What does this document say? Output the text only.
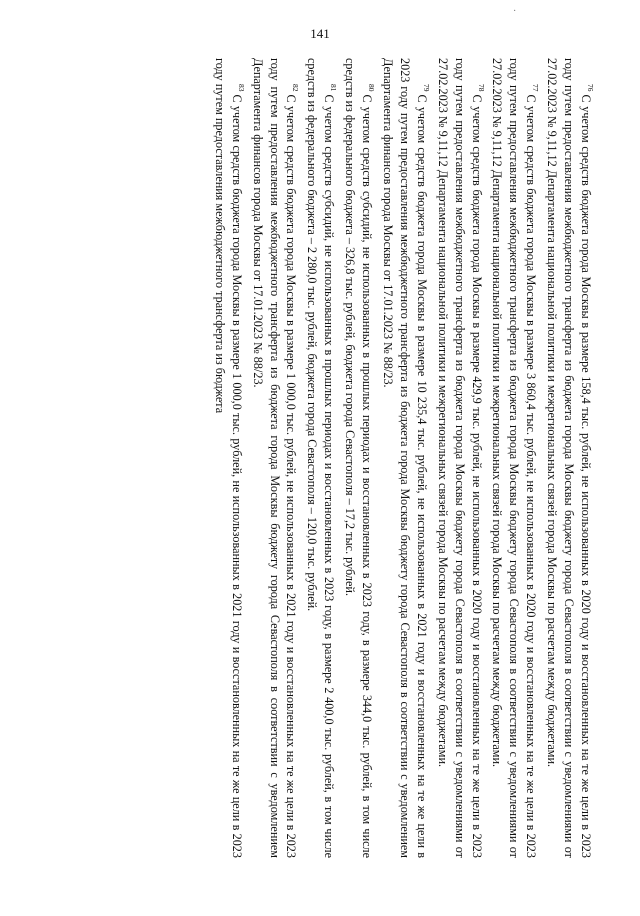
141
·
$^{76}$С учетом средств бюджета города Москвы в размере 158,4 тыс. рублей, не использованных в 2020 году и восстановленных на те же цели в 2023 году путем предоставления межбюджетного трансферта из бюджета города Москвы бюджету города Севастополя в соответствии с уведомлениями от 27.02.2023 № 9,11,12 Департамента национальной политики и межрегиональных связей города Москвы по расчетам между бюджетами.
$^{77}$С учетом средств бюджета города Москвы в размере 3 860,4 тыс. рублей, не использованных в 2020 году и восстановленных на те же цели в 2023 году путем предоставления межбюджетного трансферта из бюджета города Москвы бюджету города Севастополя в соответствии с уведомлениями от 27.02.2023 № 9,11,12 Департамента национальной политики и межрегиональных связей города Москвы по расчетам между бюджетами.
$^{78}$С учетом средств бюджета города Москвы в размере 429,9 тыс. рублей, не использованных в 2020 году и восстановленных на те же цели в 2023 году путем предоставления межбюджетного трансферта из бюджета города Москвы бюджету города Севастополя в соответствии с уведомлениями от 27.02.2023 № 9,11,12 Департамента национальной политики и межрегиональных связей города Москвы по расчетам между бюджетами.
$^{79}$С учетом средств бюджета города Москвы в размере 10 235,4 тыс. рублей, не использованных в 2021 году и восстановленных на те же цели в 2023 году путем предоставления межбюджетного трансферта из бюджета города Москвы бюджету города Севастополя в соответствии с уведомлением Департамента финансов города Москвы от 17.01.2023 № 88/23.
$^{80}$С учетом средств субсидий, не использованных в прошлых периодах и восстановленных в 2023 году, в размере 344,0 тыс. рублей, в том числе средств из федерального бюджета – 326,8 тыс. рублей, бюджета города Севастополя – 17,2 тыс. рублей.
$^{81}$С учетом средств субсидий, не использованных в прошлых периодах и восстановленных в 2023 году, в размере 2 400,0 тыс. рублей, в том числе средств из федерального бюджета – 2 280,0 тыс. рублей, бюджета города Севастополя – 120,0 тыс. рублей.
$^{82}$С учетом средств бюджета города Москвы в размере 1 000,0 тыс. рублей, не использованных в 2021 году и восстановленных на те же цели в 2023 году путем предоставления межбюджетного трансферта из бюджета города Москвы бюджету города Севастополя в соответствии с уведомлением Департамента финансов города Москвы от 17.01.2023 № 88/23.
$^{83}$С учетом средств бюджета города Москвы в размере 1 000,0 тыс. рублей, не использованных в 2021 году и восстановленных на те же цели в 2023 году путем предоставления межбюджетного трансферта из бюджета
